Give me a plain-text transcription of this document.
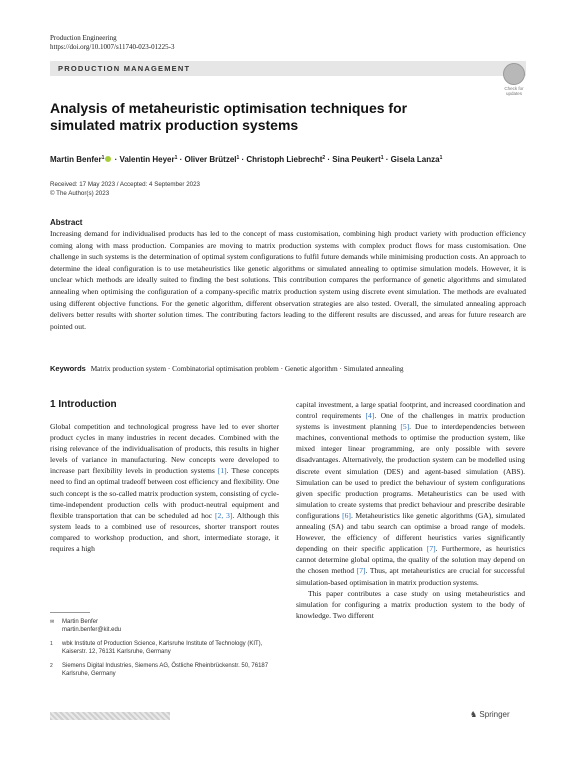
Production Engineering
https://doi.org/10.1007/s11740-023-01225-3
PRODUCTION MANAGEMENT
Check for updates
Analysis of metaheuristic optimisation techniques for simulated matrix production systems
Martin Benfer$^1$ · Valentin Heyer$^1$ · Oliver Brützel$^1$ · Christoph Liebrecht$^2$ · Sina Peukert$^1$ · Gisela Lanza$^1$
Received: 17 May 2023 / Accepted: 4 September 2023
© The Author(s) 2023
Abstract
Increasing demand for individualised products has led to the concept of mass customisation, combining high product variety with production efficiency coming along with mass production. Companies are moving to matrix production systems with complex product flows for mass customisation. One challenge in such systems is the determination of optimal system configurations to fulfil future demands while minimising production costs. An approach to determine the ideal configuration is to use metaheuristics like genetic algorithms or simulated annealing to optimise simulation models. However, it is unclear which methods are ideally suited to finding the best solutions. This contribution compares the performance of genetic algorithms and simulated annealing when optimising the configuration of a company-specific matrix production system using discrete event simulation. The methods are evaluated using different objective functions. For the genetic algorithm, different observation strategies are also tested. Overall, the simulated annealing approach delivers better results with shorter solution times. The contributing factors leading to the different results are discussed, and areas for future research are pointed out.
Keywords Matrix production system · Combinatorial optimisation problem · Genetic algorithm · Simulated annealing
1 Introduction

Global competition and technological progress have led to ever shorter product cycles in many industries in recent decades. Combined with the rising relevance of the individualisation of products, this results in higher levels of variance in manufacturing. New concepts were developed to increase part flexibility levels in production systems [1]. These concepts need to find an optimal tradeoff between cost efficiency and flexibility. One such concept is the so-called matrix production system, consisting of cycle-time-independent production cells with product-neutral equipment and flexible transportation that can be scheduled ad hoc [2, 3]. Although this system leads to a combined use of resources, shorter transport routes compared to workshop production, and short, intermediate storage, it requires a high

capital investment, a large spatial footprint, and increased coordination and control requirements [4]. One of the challenges in matrix production systems is investment planning [5]. Due to interdependencies between machines, conventional methods to optimise the production system, like mixed integer linear programming, are only possible with severe disadvantages. Alternatively, the production system can be modelled using discrete event simulation (DES) and agent-based simulation (ABS). Simulation can be used to predict the behaviour of system configurations given specific production programs. Metaheuristics can be used with simulation to create systems that predict behaviour and prescribe desirable configurations [6]. Metaheuristics like genetic algorithms (GA), simulated annealing (SA) and tabu search can optimise a broad range of models. However, the efficiency of different heuristics varies significantly depending on their specific application [7]. Furthermore, as heuristics cannot determine global optima, the quality of the solution may depend on the chosen method [7]. Thus, apt metaheuristics are crucial for successful simulation-based optimisation in matrix production systems.

This paper contributes a case study on using metaheuristics and simulation for configuring a matrix production system to the body of knowledge. Two different

✉ Martin Benfer
martin.benfer@kit.edu
1 wbk Institute of Production Science, Karlsruhe Institute of Technology (KIT), Kaiserstr. 12, 76131 Karlsruhe, Germany
2 Siemens Digital Industries, Siemens AG, Östliche Rheinbrückenstr. 50, 76187 Karlsruhe, Germany
♞ Springer
